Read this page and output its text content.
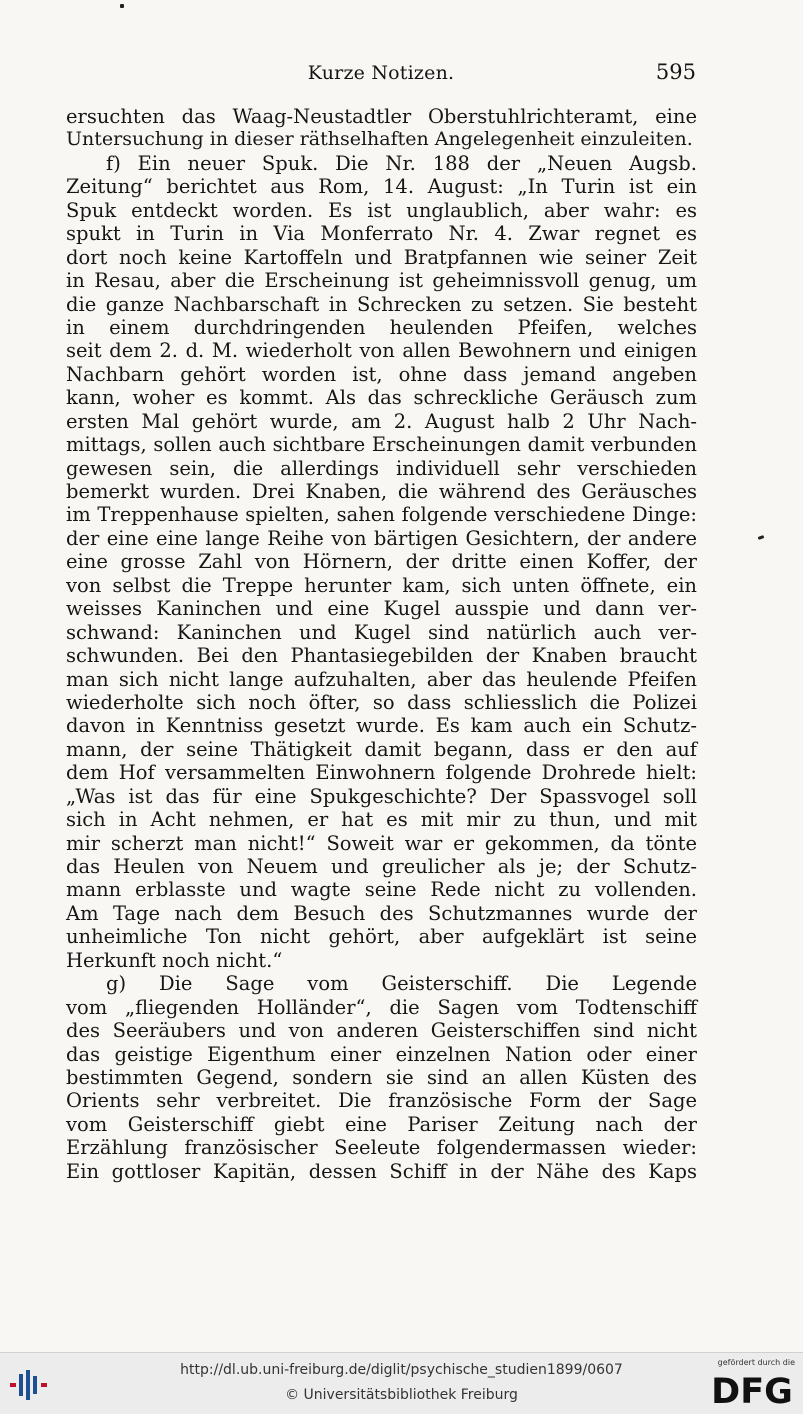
Kurze Notizen.	595
ersuchten das Waag-Neustadtler Oberstuhlrichteramt, eine
Untersuchung in dieser räthselhaften Angelegenheit einzuleiten.
f) Ein neuer Spuk. Die Nr. 188 der „Neuen Augsb.
Zeitung“ berichtet aus Rom, 14. August: „In Turin ist ein
Spuk entdeckt worden. Es ist unglaublich, aber wahr: es
spukt in Turin in Via Monferrato Nr. 4. Zwar regnet es
dort noch keine Kartoffeln und Bratpfannen wie seiner Zeit
in Resau, aber die Erscheinung ist geheimnissvoll genug, um
die ganze Nachbarschaft in Schrecken zu setzen. Sie besteht
in einem durchdringenden heulenden Pfeifen, welches
seit dem 2. d. M. wiederholt von allen Bewohnern und einigen
Nachbarn gehört worden ist, ohne dass jemand angeben
kann, woher es kommt. Als das schreckliche Geräusch zum
ersten Mal gehört wurde, am 2. August halb 2 Uhr Nach-
mittags, sollen auch sichtbare Erscheinungen damit verbunden
gewesen sein, die allerdings individuell sehr verschieden
bemerkt wurden. Drei Knaben, die während des Geräusches
im Treppenhause spielten, sahen folgende verschiedene Dinge:
der eine eine lange Reihe von bärtigen Gesichtern, der andere
eine grosse Zahl von Hörnern, der dritte einen Koffer, der
von selbst die Treppe herunter kam, sich unten öffnete, ein
weisses Kaninchen und eine Kugel ausspie und dann ver-
schwand: Kaninchen und Kugel sind natürlich auch ver-
schwunden. Bei den Phantasiegebilden der Knaben braucht
man sich nicht lange aufzuhalten, aber das heulende Pfeifen
wiederholte sich noch öfter, so dass schliesslich die Polizei
davon in Kenntniss gesetzt wurde. Es kam auch ein Schutz-
mann, der seine Thätigkeit damit begann, dass er den auf
dem Hof versammelten Einwohnern folgende Drohrede hielt:
„Was ist das für eine Spukgeschichte? Der Spassvogel soll
sich in Acht nehmen, er hat es mit mir zu thun, und mit
mir scherzt man nicht!“ Soweit war er gekommen, da tönte
das Heulen von Neuem und greulicher als je; der Schutz-
mann erblasste und wagte seine Rede nicht zu vollenden.
Am Tage nach dem Besuch des Schutzmannes wurde der
unheimliche Ton nicht gehört, aber aufgeklärt ist seine
Herkunft noch nicht.“
g) Die Sage vom Geisterschiff. Die Legende
vom „fliegenden Holländer“, die Sagen vom Todtenschiff
des Seeräubers und von anderen Geisterschiffen sind nicht
das geistige Eigenthum einer einzelnen Nation oder einer
bestimmten Gegend, sondern sie sind an allen Küsten des
Orients sehr verbreitet. Die französische Form der Sage
vom Geisterschiff giebt eine Pariser Zeitung nach der
Erzählung französischer Seeleute folgendermassen wieder:
Ein gottloser Kapitän, dessen Schiff in der Nähe des Kaps
http://dl.ub.uni-freiburg.de/diglit/psychische_studien1899/0607
© Universitätsbibliothek Freiburg
gefördert durch die
DFG
